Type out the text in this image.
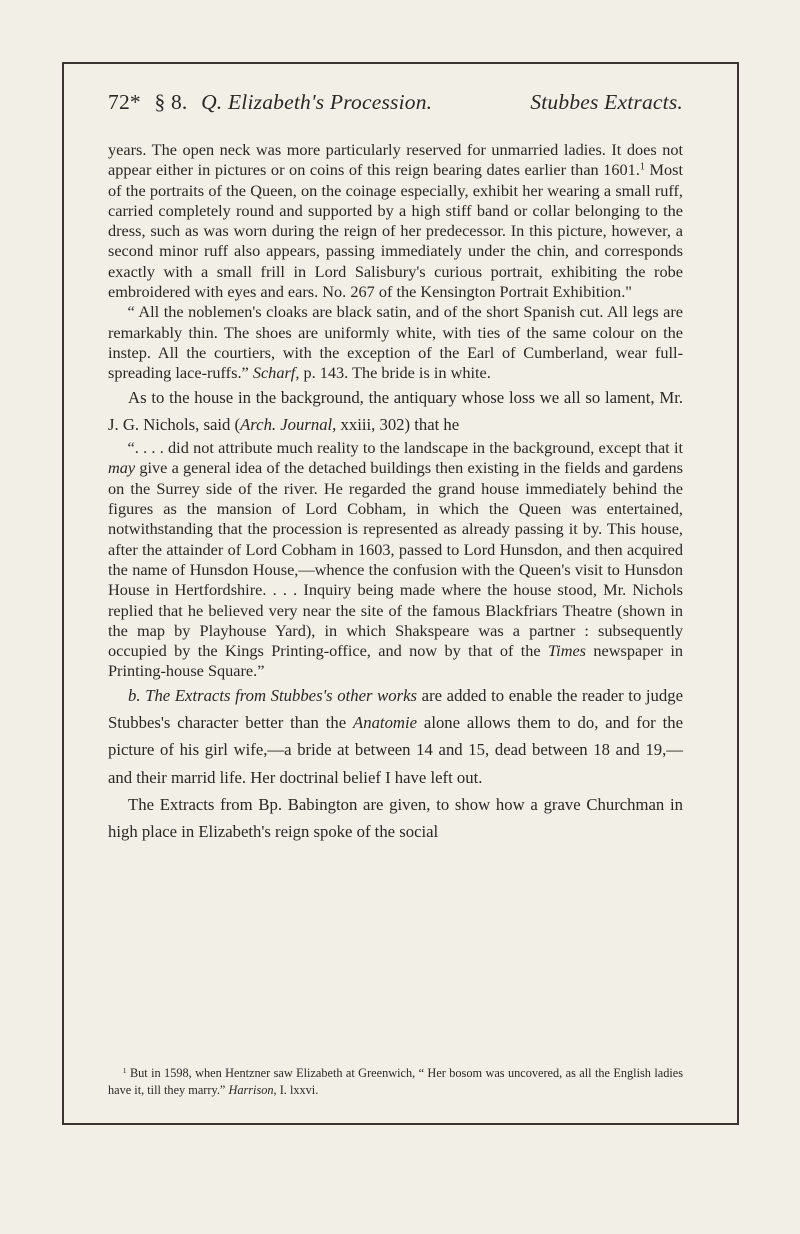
72* § 8. Q. Elizabeth's Procession.	Stubbes Extracts.

years. The open neck was more particularly reserved for unmarried ladies. It does not appear either in pictures or on coins of this reign bearing dates earlier than 1601.$^1$ Most of the portraits of the Queen, on the coinage especially, exhibit her wearing a small ruff, carried completely round and supported by a high stiff band or collar belonging to the dress, such as was worn during the reign of her predecessor. In this picture, however, a second minor ruff also appears, passing immediately under the chin, and corresponds exactly with a small frill in Lord Salisbury's curious portrait, exhibiting the robe embroidered with eyes and ears. No. 267 of the Kensington Portrait Exhibition."

“ All the noblemen's cloaks are black satin, and of the short Spanish cut. All legs are remarkably thin. The shoes are uniformly white, with ties of the same colour on the instep. All the courtiers, with the exception of the Earl of Cumberland, wear full-spreading lace-ruffs.” Scharf, p. 143. The bride is in white.

As to the house in the background, the antiquary whose loss we all so lament, Mr. J. G. Nichols, said (Arch. Journal, xxiii, 302) that he

“. . . . did not attribute much reality to the landscape in the background, except that it may give a general idea of the detached buildings then existing in the fields and gardens on the Surrey side of the river. He regarded the grand house immediately behind the figures as the mansion of Lord Cobham, in which the Queen was entertained, notwithstanding that the procession is represented as already passing it by. This house, after the attainder of Lord Cobham in 1603, passed to Lord Hunsdon, and then acquired the name of Hunsdon House,—whence the confusion with the Queen's visit to Hunsdon House in Hertfordshire. . . . Inquiry being made where the house stood, Mr. Nichols replied that he believed very near the site of the famous Blackfriars Theatre (shown in the map by Playhouse Yard), in which Shakspeare was a partner : subsequently occupied by the Kings Printing-office, and now by that of the Times newspaper in Printing-house Square.”

b. The Extracts from Stubbes's other works are added to enable the reader to judge Stubbes's character better than the Anatomie alone allows them to do, and for the picture of his girl wife,—a bride at between 14 and 15, dead between 18 and 19,—and their marrid life. Her doctrinal belief I have left out.

The Extracts from Bp. Babington are given, to show how a grave Churchman in high place in Elizabeth's reign spoke of the social

$^1$ But in 1598, when Hentzner saw Elizabeth at Greenwich, “ Her bosom was uncovered, as all the English ladies have it, till they marry.” Harrison, I. lxxvi.
